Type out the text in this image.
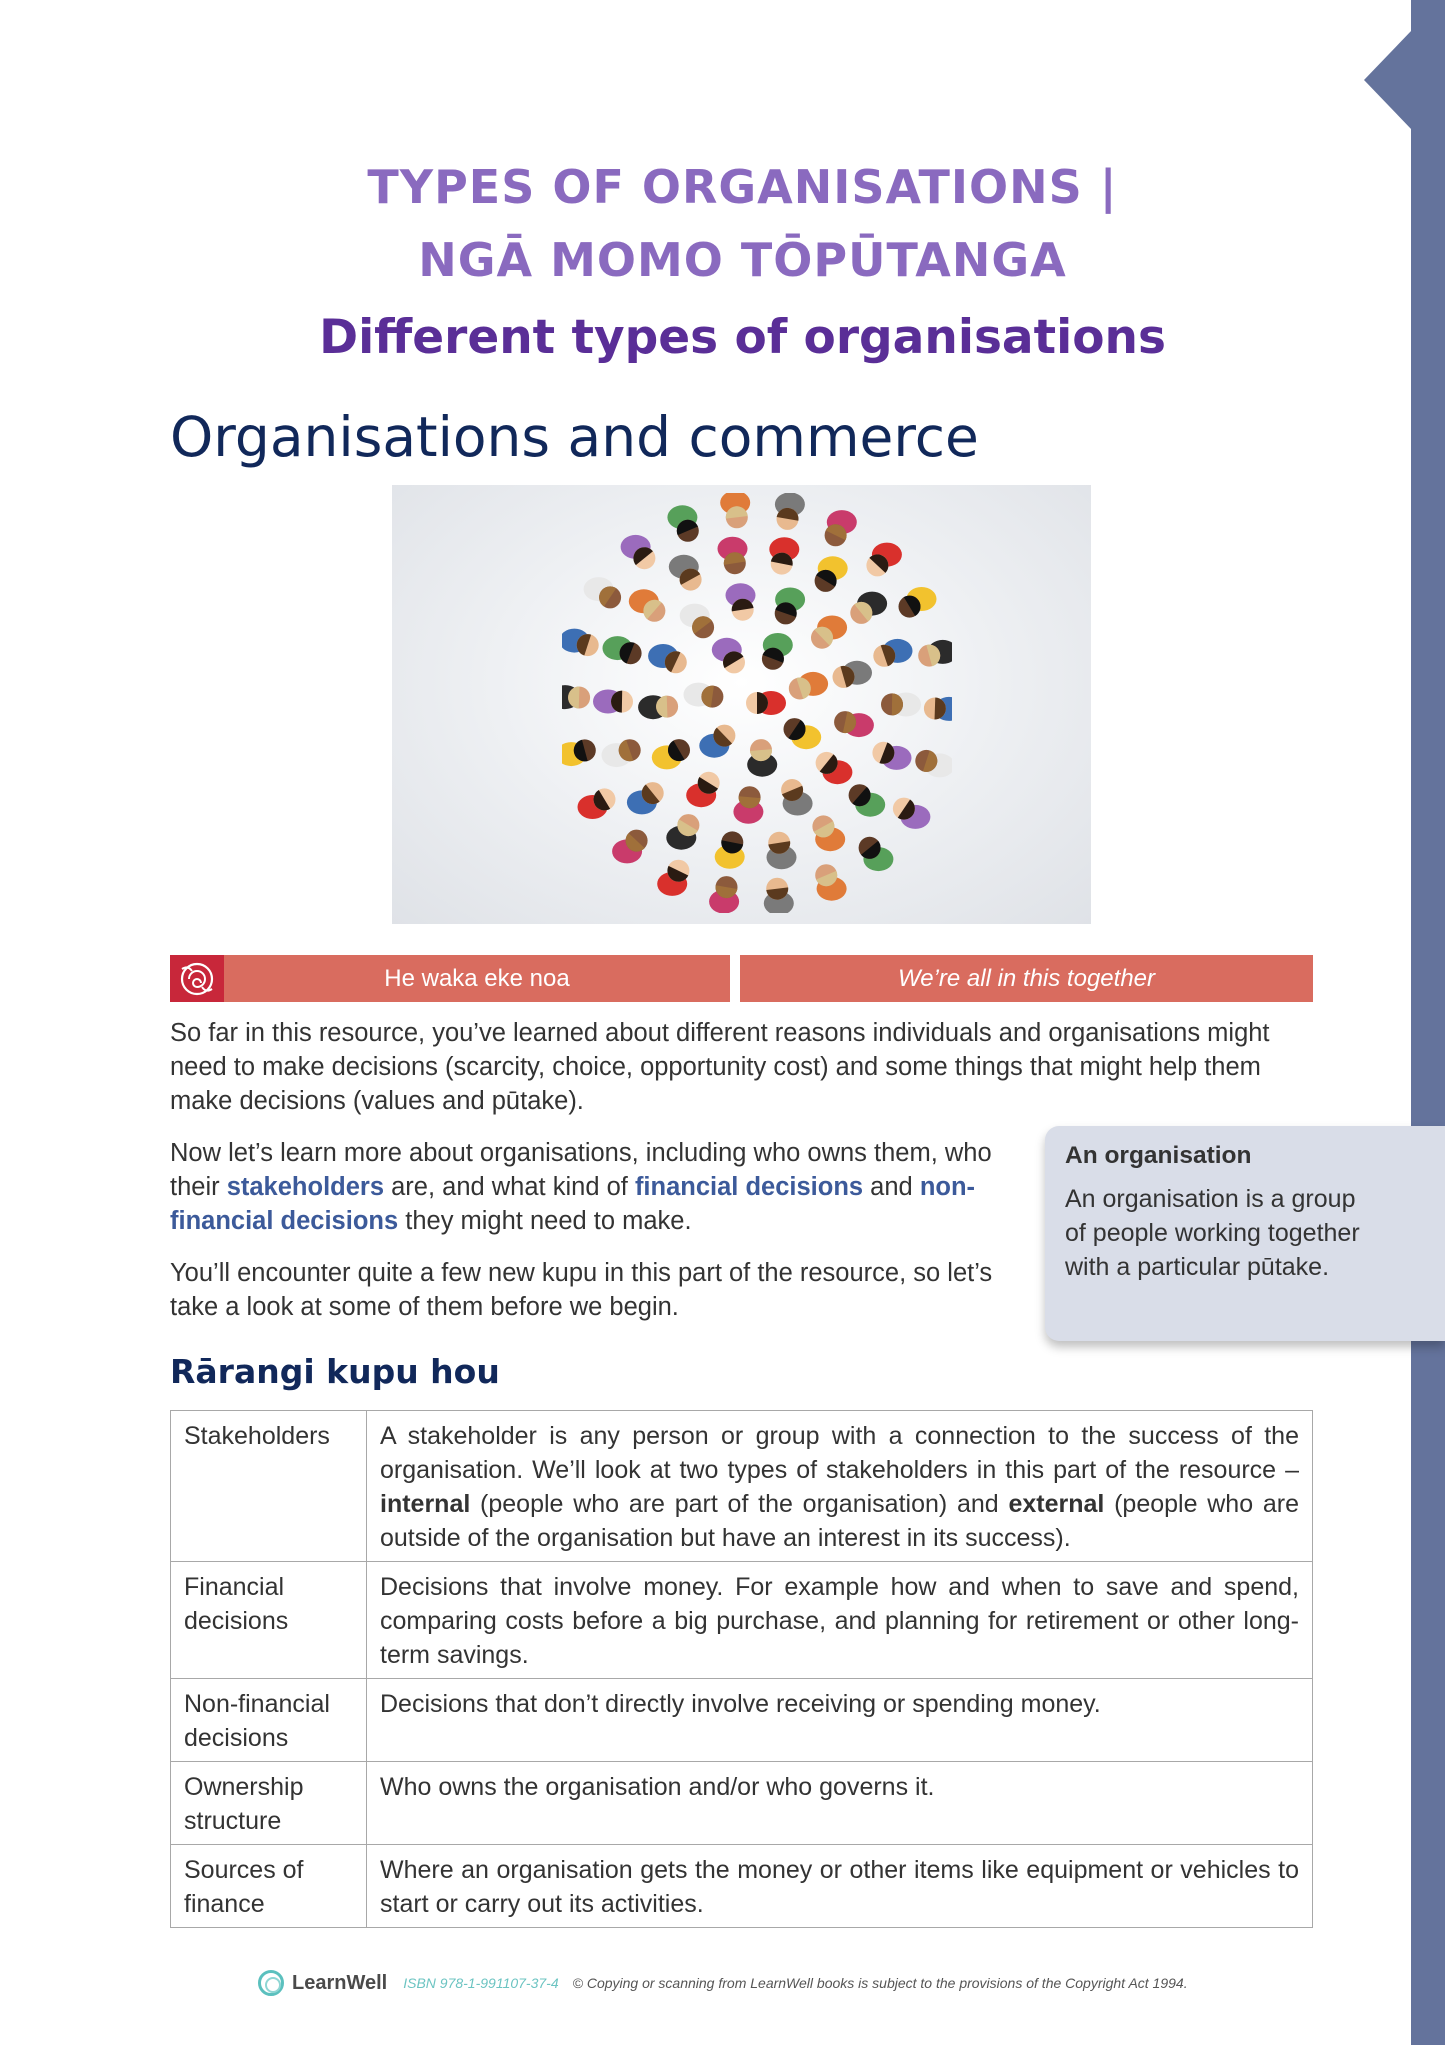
TYPES OF ORGANISATIONS |
NGĀ MOMO TŌPŪTANGA
Different types of organisations
Organisations and commerce
He waka eke noa	We’re all in this together

So far in this resource, you’ve learned about different reasons individuals and organisations might need to make decisions (scarcity, choice, opportunity cost) and some things that might help them make decisions (values and pūtake).

Now let’s learn more about organisations, including who owns them, who their stakeholders are, and what kind of financial decisions and non-financial decisions they might need to make.

You’ll encounter quite a few new kupu in this part of the resource, so let’s take a look at some of them before we begin.

An organisation
An organisation is a group of people working together with a particular pūtake.
Rārangi kupu hou
Stakeholders	A stakeholder is any person or group with a connection to the success of the organisation. We’ll look at two types of stakeholders in this part of the resource – internal (people who are part of the organisation) and external (people who are outside of the organisation but have an interest in its success).
Financial decisions	Decisions that involve money. For example how and when to save and spend, comparing costs before a big purchase, and planning for retirement or other long-term savings.
Non-financial decisions	Decisions that don’t directly involve receiving or spending money.
Ownership structure	Who owns the organisation and/or who governs it.
Sources of finance	Where an organisation gets the money or other items like equipment or vehicles to start or carry out its activities.
LearnWell ISBN 978-1-991107-37-4 © Copying or scanning from LearnWell books is subject to the provisions of the Copyright Act 1994.
